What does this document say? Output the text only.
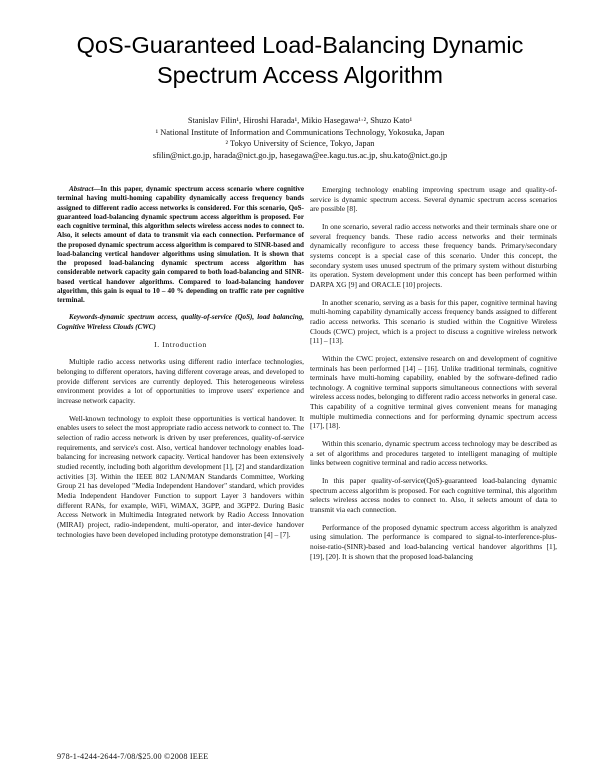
QoS-Guaranteed Load-Balancing Dynamic Spectrum Access Algorithm
Stanislav Filin¹, Hiroshi Harada¹, Mikio Hasegawa¹·², Shuzo Kato¹
¹ National Institute of Information and Communications Technology, Yokosuka, Japan
² Tokyo University of Science, Tokyo, Japan
sfilin@nict.go.jp, harada@nict.go.jp, hasegawa@ee.kagu.tus.ac.jp, shu.kato@nict.go.jp

Abstract—In this paper, dynamic spectrum access scenario where cognitive terminal having multi-homing capability dynamically access frequency bands assigned to different radio access networks is considered. For this scenario, QoS-guaranteed load-balancing dynamic spectrum access algorithm is proposed. For each cognitive terminal, this algorithm selects wireless access nodes to connect to. Also, it selects amount of data to transmit via each connection. Performance of the proposed dynamic spectrum access algorithm is compared to SINR-based and load-balancing vertical handover algorithms using simulation. It is shown that the proposed load-balancing dynamic spectrum access algorithm has considerable network capacity gain compared to both load-balancing and SINR-based vertical handover algorithms. Compared to load-balancing handover algorithm, this gain is equal to 10 – 40 % depending on traffic rate per cognitive terminal.

Keywords-dynamic spectrum access, quality-of-service (QoS), load balancing, Cognitive Wireless Clouds (CWC)

I. Introduction

Multiple radio access networks using different radio interface technologies, belonging to different operators, having different coverage areas, and developed to provide different services are currently deployed. This heterogeneous wireless environment provides a lot of opportunities to improve users' experience and increase network capacity.

Well-known technology to exploit these opportunities is vertical handover. It enables users to select the most appropriate radio access network to connect to. The selection of radio access network is driven by user preferences, quality-of-service requirements, and service's cost. Also, vertical handover technology enables load-balancing for increasing network capacity. Vertical handover has been extensively studied recently, including both algorithm development [1], [2] and standardization activities [3]. Within the IEEE 802 LAN/MAN Standards Committee, Working Group 21 has developed "Media Independent Handover" standard, which provides Media Independent Handover Function to support Layer 3 handovers within different RANs, for example, WiFi, WiMAX, 3GPP, and 3GPP2. During Basic Access Network in Multimedia Integrated network by Radio Access Innovation (MIRAI) project, radio-independent, multi-operator, and inter-device handover technologies have been developed including prototype demonstration [4] – [7].

Emerging technology enabling improving spectrum usage and quality-of-service is dynamic spectrum access. Several dynamic spectrum access scenarios are possible [8].

In one scenario, several radio access networks and their terminals share one or several frequency bands. These radio access networks and their terminals dynamically reconfigure to access these frequency bands. Primary/secondary systems concept is a special case of this scenario. Under this concept, the secondary system uses unused spectrum of the primary system without disturbing its operation. System development under this concept has been performed within DARPA XG [9] and ORACLE [10] projects.

In another scenario, serving as a basis for this paper, cognitive terminal having multi-homing capability dynamically access frequency bands assigned to different radio access networks. This scenario is studied within the Cognitive Wireless Clouds (CWC) project, which is a project to discuss a cognitive wireless network [11] – [13].

Within the CWC project, extensive research on and development of cognitive terminals has been performed [14] – [16]. Unlike traditional terminals, cognitive terminals have multi-homing capability, enabled by the software-defined radio technology. A cognitive terminal supports simultaneous connections with several wireless access nodes, belonging to different radio access networks in general case. This capability of a cognitive terminal gives convenient means for managing multiple multimedia connections and for performing dynamic spectrum access [17], [18].

Within this scenario, dynamic spectrum access technology may be described as a set of algorithms and procedures targeted to intelligent managing of multiple links between cognitive terminal and radio access networks.

In this paper quality-of-service(QoS)-guaranteed load-balancing dynamic spectrum access algorithm is proposed. For each cognitive terminal, this algorithm selects wireless access nodes to connect to. Also, it selects amount of data to transmit via each connection.

Performance of the proposed dynamic spectrum access algorithm is analyzed using simulation. The performance is compared to signal-to-interference-plus-noise-ratio-(SINR)-based and load-balancing vertical handover algorithms [1], [19], [20]. It is shown that the proposed load-balancing

978-1-4244-2644-7/08/$25.00 ©2008 IEEE
